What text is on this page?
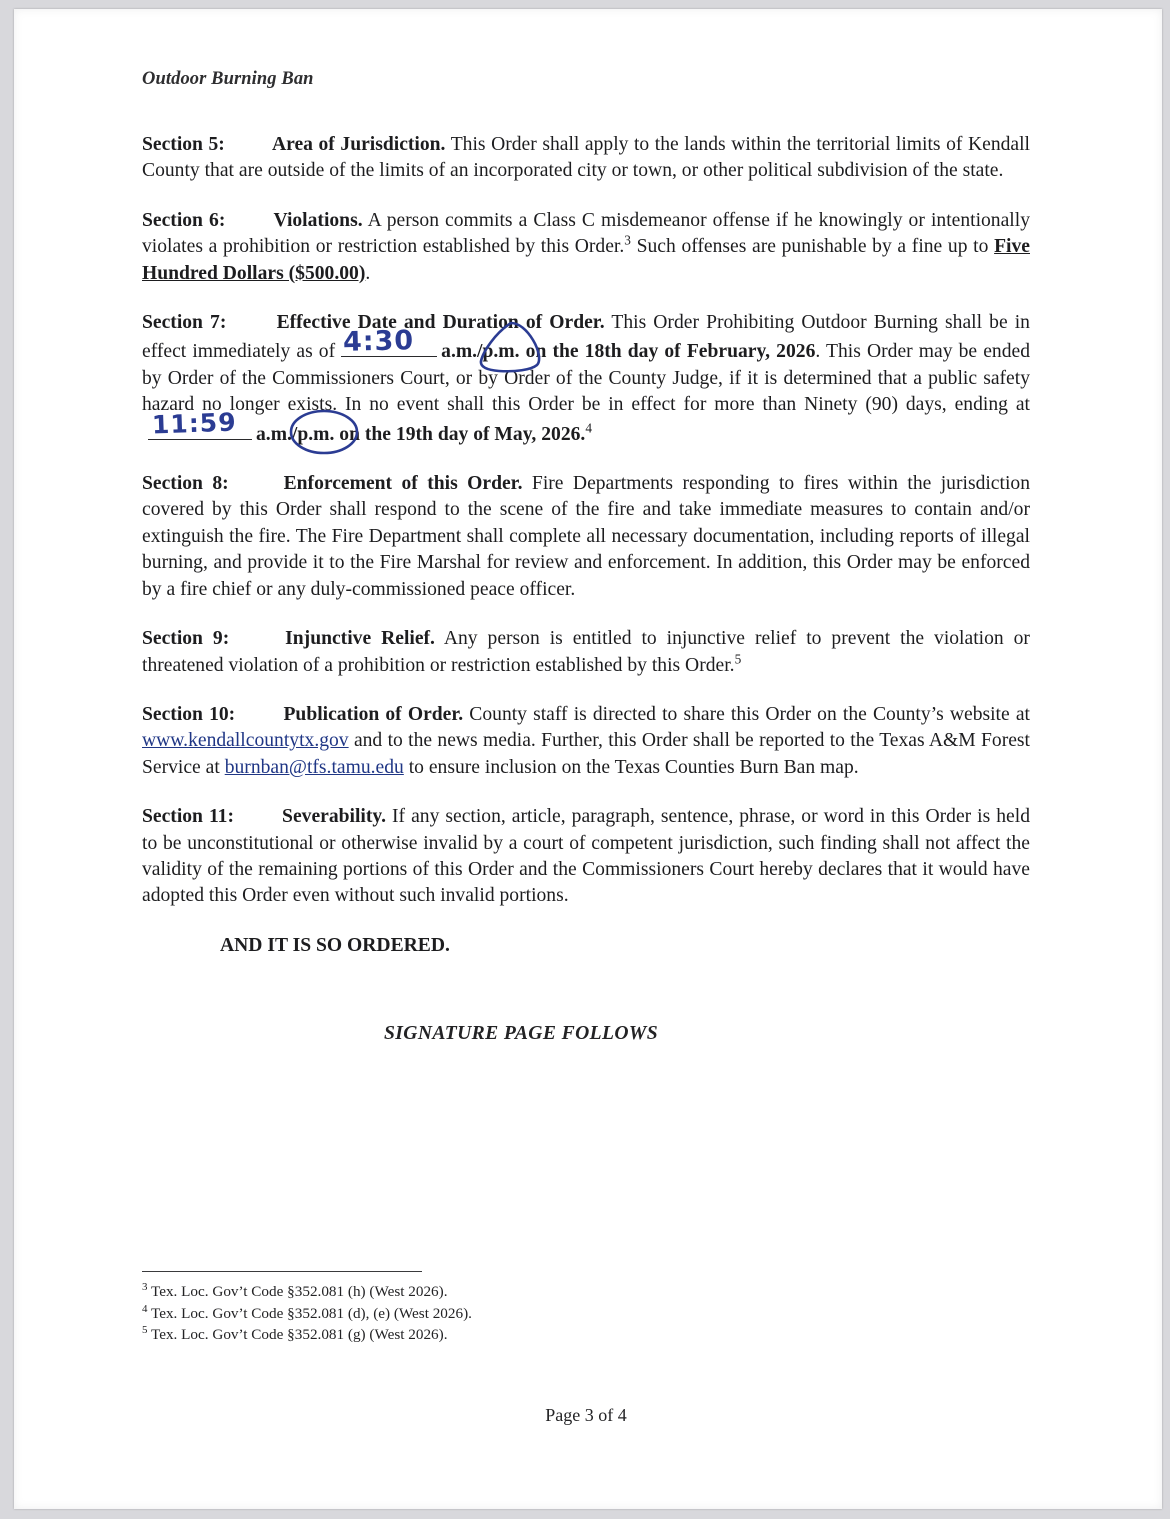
Outdoor Burning Ban

Section 5: Area of Jurisdiction. This Order shall apply to the lands within the territorial limits of Kendall County that are outside of the limits of an incorporated city or town, or other political subdivision of the state.

Section 6: Violations. A person commits a Class C misdemeanor offense if he knowingly or intentionally violates a prohibition or restriction established by this Order.$^3$ Such offenses are punishable by a fine up to Five Hundred Dollars ($500.00).

Section 7:	Effective Date and Duration of Order. This Order Prohibiting Outdoor Burning shall be in effect immediately as of 4:30 a.m./p.m. on the 18th day of February, 2026. This Order may be ended by Order of the Commissioners Court, or by Order of the County Judge, if it is determined that a public safety hazard no longer exists. In no event shall this Order be in effect for more than Ninety (90) days, ending at
11:59 a.m./p.m. on the 19th day of May, 2026.$^4$

Section 8:	Enforcement of this Order. Fire Departments responding to fires within the jurisdiction covered by this Order shall respond to the scene of the fire and take immediate measures to contain and/or extinguish the fire. The Fire Department shall complete all necessary documentation, including reports of illegal burning, and provide it to the Fire Marshal for review and enforcement. In addition, this Order may be enforced by a fire chief or any duly-commissioned peace officer.

Section 9:	Injunctive Relief. Any person is entitled to injunctive relief to prevent the violation or threatened violation of a prohibition or restriction established by this Order.$^5$

Section 10: Publication of Order. County staff is directed to share this Order on the County’s website at www.kendallcountytx.gov and to the news media. Further, this Order shall be reported to the Texas A&M Forest Service at burnban@tfs.tamu.edu to ensure inclusion on the Texas Counties Burn Ban map.

Section 11: Severability. If any section, article, paragraph, sentence, phrase, or word in this Order is held to be unconstitutional or otherwise invalid by a court of competent jurisdiction, such finding shall not affect the validity of the remaining portions of this Order and the Commissioners Court hereby declares that it would have adopted this Order even without such invalid portions.

AND IT IS SO ORDERED.

SIGNATURE PAGE FOLLOWS
$^3$ Tex. Loc. Gov’t Code §352.081 (h) (West 2026).
$^4$ Tex. Loc. Gov’t Code §352.081 (d), (e) (West 2026).
$^5$ Tex. Loc. Gov’t Code §352.081 (g) (West 2026).
Page 3 of 4
